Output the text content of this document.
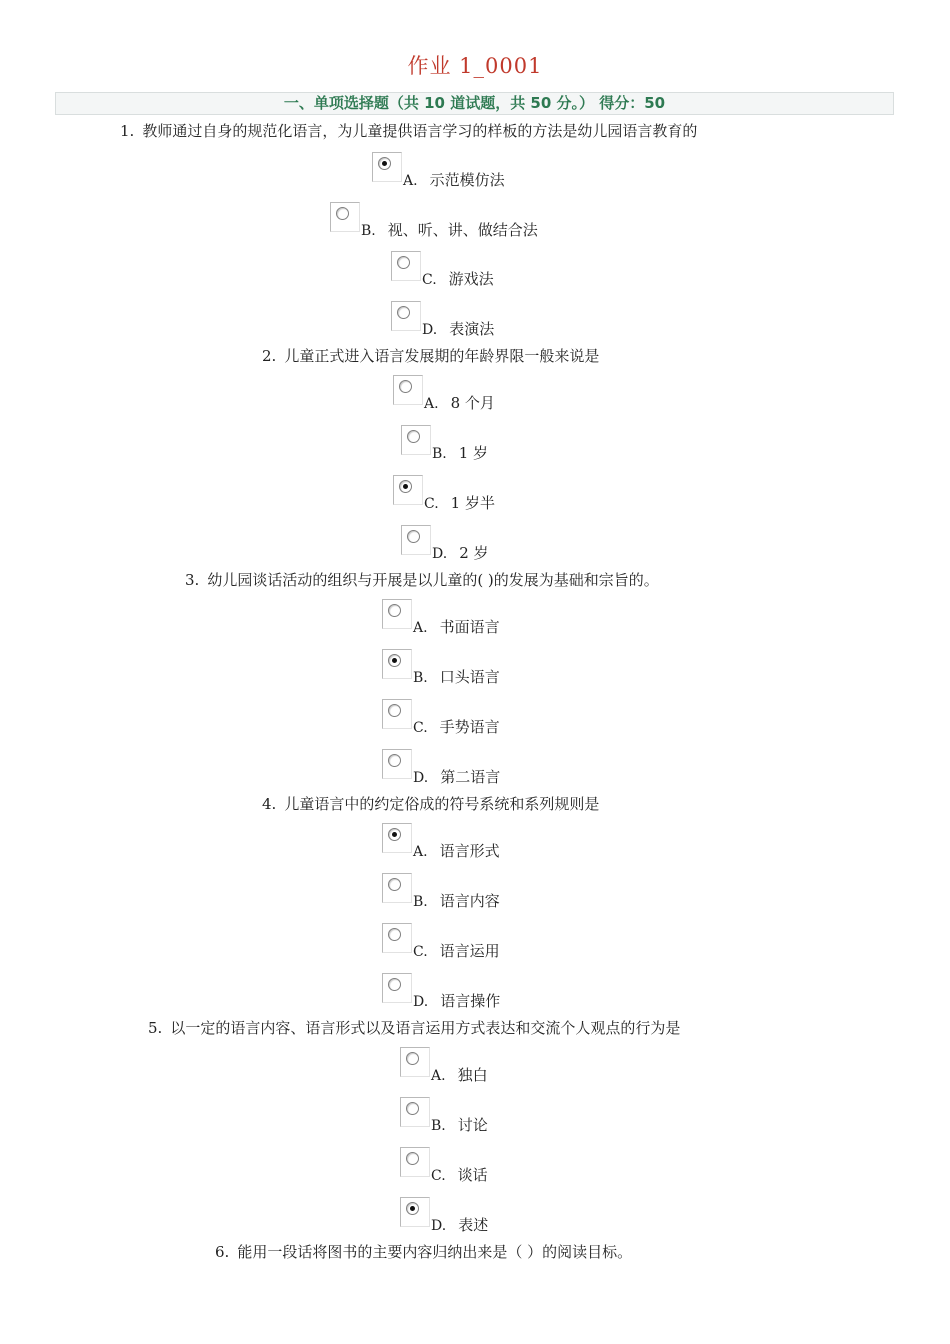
作业 1_0001
一、单项选择题（共 10 道试题，共 50 分。） 得分：50
1. 教师通过自身的规范化语言，为儿童提供语言学习的样板的方法是幼儿园语言教育的
A. 示范模仿法
B. 视、听、讲、做结合法
C. 游戏法
D. 表演法
2. 儿童正式进入语言发展期的年龄界限一般来说是
A. 8 个月
B. 1 岁
C. 1 岁半
D. 2 岁
3. 幼儿园谈话活动的组织与开展是以儿童的( )的发展为基础和宗旨的。
A. 书面语言
B. 口头语言
C. 手势语言
D. 第二语言
4. 儿童语言中的约定俗成的符号系统和系列规则是
A. 语言形式
B. 语言内容
C. 语言运用
D. 语言操作
5. 以一定的语言内容、语言形式以及语言运用方式表达和交流个人观点的行为是
A. 独白
B. 讨论
C. 谈话
D. 表述
6. 能用一段话将图书的主要内容归纳出来是（ ）的阅读目标。
